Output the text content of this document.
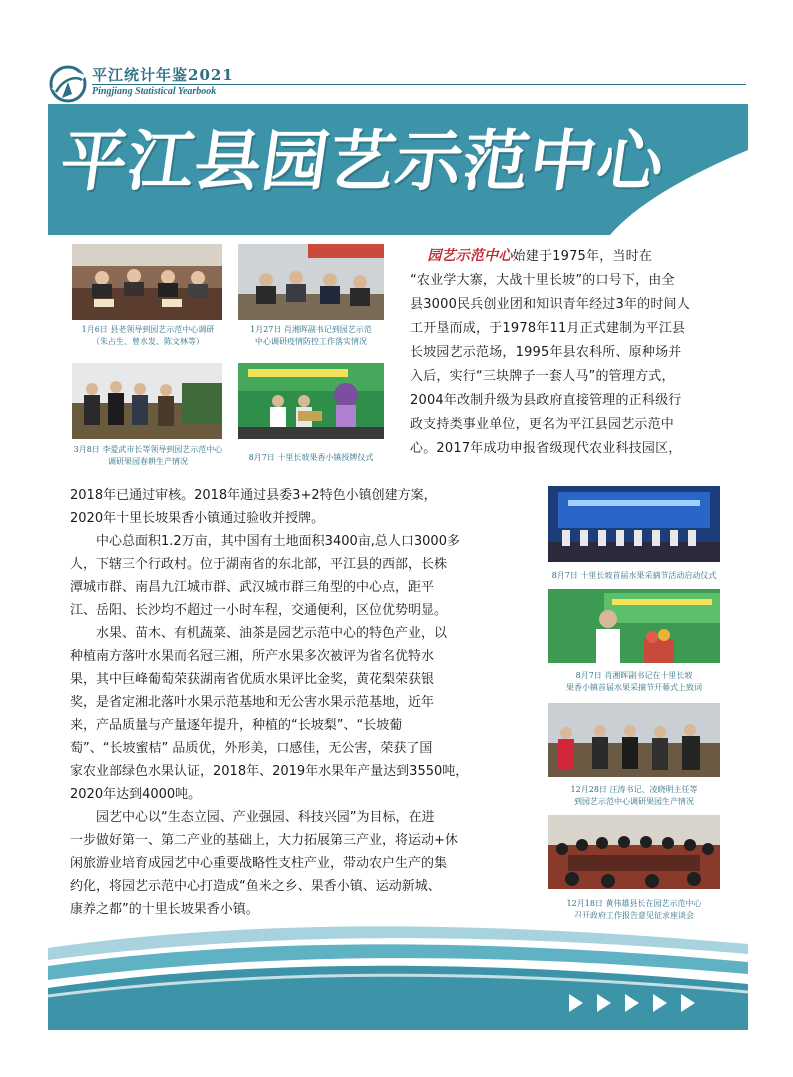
平江统计年鉴2021
Pingjiang Statistical Yearbook
平江县园艺示范中心
1月6日 县老领导到园艺示范中心调研
（朱占生、曾水发、陈文林等）
1月27日 肖湘晖副书记到园艺示范
中心调研疫情防控工作落实情况
3月8日 李爱武市长等领导到园艺示范中心
调研果园春耕生产情况	8月7日 十里长坡果香小镇授牌仪式
园艺示范中心始建于1975年，当时在
“农业学大寨，大战十里长坡”的口号下，由全
县3000民兵创业团和知识青年经过3年的时间人
工开垦而成，于1978年11月正式建制为平江县
长坡园艺示范场，1995年县农科所、原种场并
入后，实行“三块牌子一套人马”的管理方式，
2004年改制升级为县政府直接管理的正科级行
政支持类事业单位，更名为平江县园艺示范中
心。2017年成功申报省级现代农业科技园区，
2018年已通过审核。2018年通过县委3+2特色小镇创建方案，
2020年十里长坡果香小镇通过验收并授牌。
　　中心总面积1.2万亩，其中国有土地面积3400亩,总人口3000多
人，下辖三个行政村。位于湖南省的东北部，平江县的西部，长株
潭城市群、南昌九江城市群、武汉城市群三角型的中心点，距平
江、岳阳、长沙均不超过一小时车程，交通便利，区位优势明显。
　　水果、苗木、有机蔬菜、油茶是园艺示范中心的特色产业，以
种植南方落叶水果而名冠三湘，所产水果多次被评为省名优特水
果，其中巨峰葡萄荣获湖南省优质水果评比金奖，黄花梨荣获银
奖，是省定湘北落叶水果示范基地和无公害水果示范基地，近年
来，产品质量与产量逐年提升，种植的“长坡梨”、“长坡葡
萄”、“长坡蜜桔” 品质优，外形美，口感佳，无公害，荣获了国
家农业部绿色水果认证，2018年、2019年水果年产量达到3550吨，
2020年达到4000吨。
　　园艺中心以“生态立园、产业强园、科技兴园”为目标，在进
一步做好第一、第二产业的基础上，大力拓展第三产业，将运动+休
闲旅游业培育成园艺中心重要战略性支柱产业，带动农户生产的集
约化，将园艺示范中心打造成“鱼米之乡、果香小镇、运动新城、
康养之都”的十里长坡果香小镇。
8月7日 十里长坡首届水果采摘节活动启动仪式
8月7日 肖湘晖副书记在十里长坡
果香小镇首届水果采摘节开幕式上致词
12月28日 汪涛书记、凌晓明主任等
到园艺示范中心调研果园生产情况
12月18日 黄伟雄县长在园艺示范中心
召开政府工作报告意见征求座谈会
